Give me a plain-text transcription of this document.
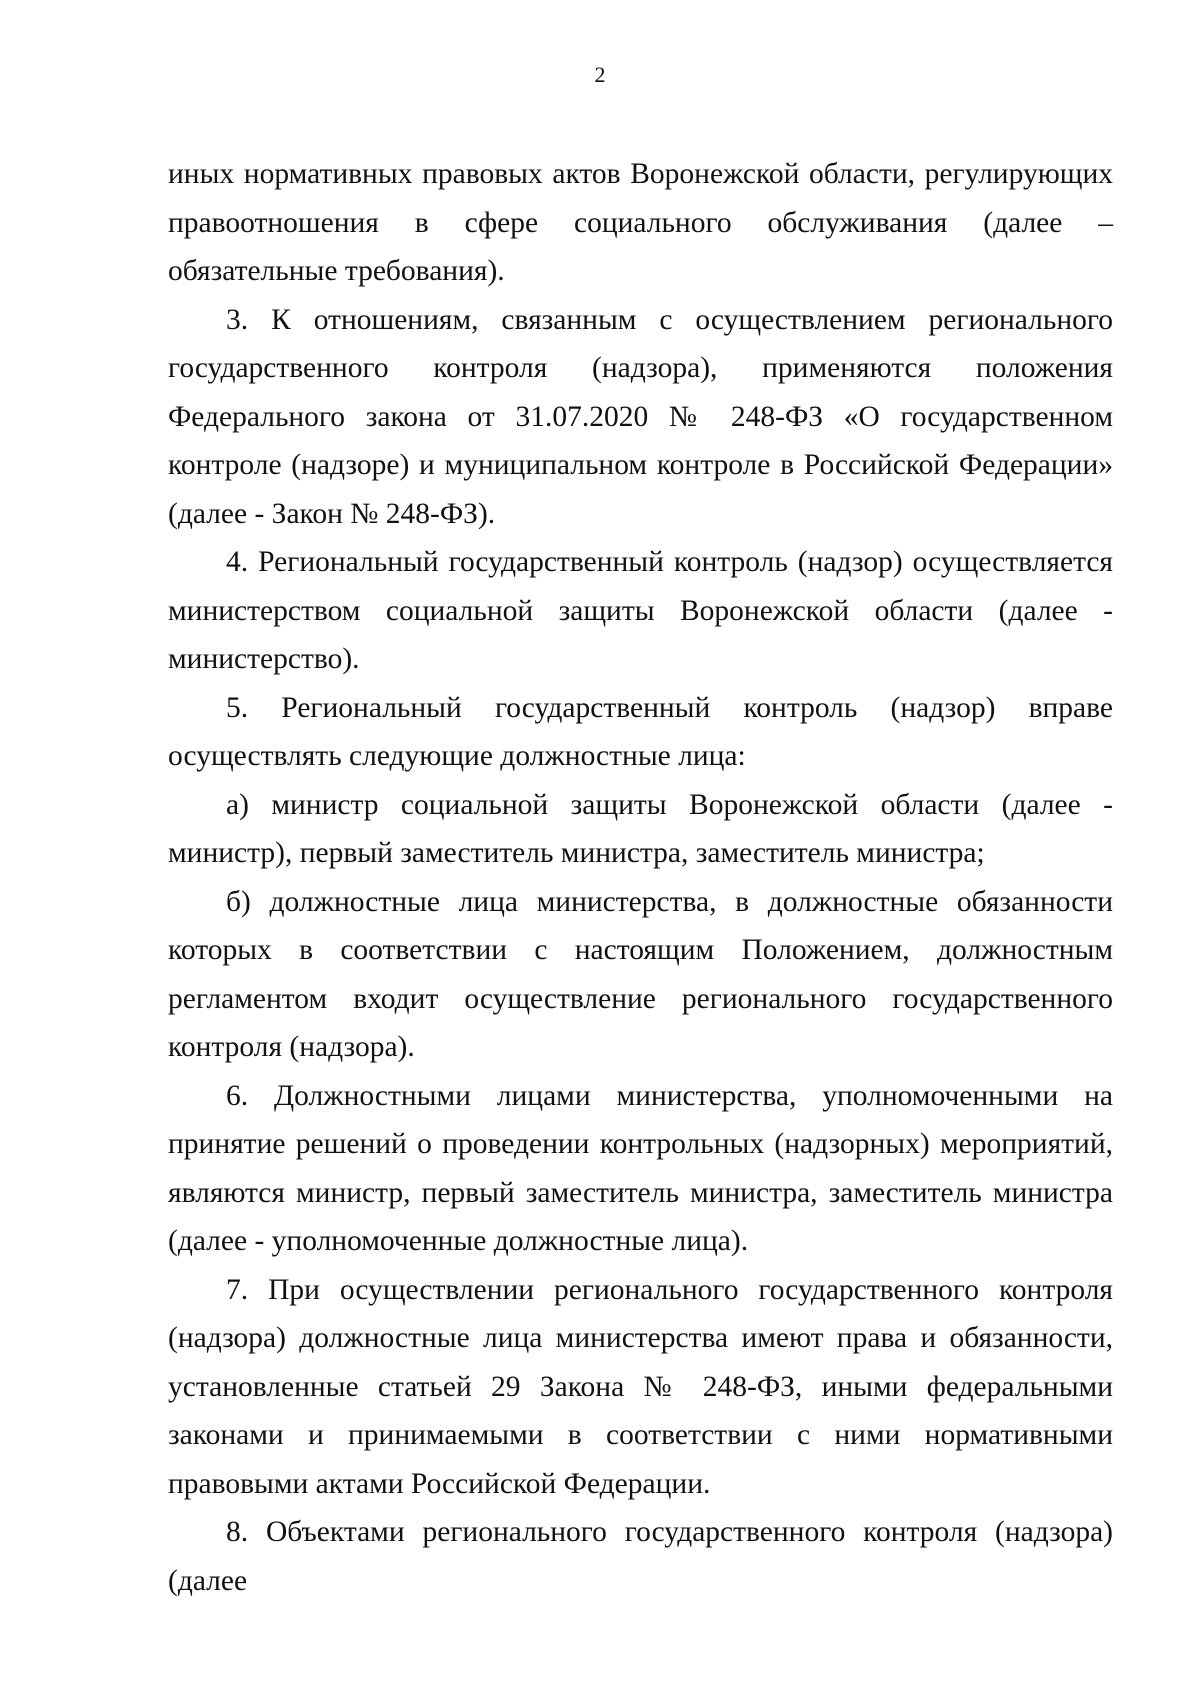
2

иных нормативных правовых актов Воронежской области, регулирующих правоотношения в сфере социального обслуживания (далее – обязательные требования).

3. К отношениям, связанным с осуществлением регионального государственного контроля (надзора), применяются положения Федерального закона от 31.07.2020 № 248-ФЗ «О государственном контроле (надзоре) и муниципальном контроле в Российской Федерации» (далее - Закон № 248-ФЗ).

4. Региональный государственный контроль (надзор) осуществляется министерством социальной защиты Воронежской области (далее - министерство).

5. Региональный государственный контроль (надзор) вправе осуществлять следующие должностные лица:

а) министр социальной защиты Воронежской области (далее - министр), первый заместитель министра, заместитель министра;

б) должностные лица министерства, в должностные обязанности которых в соответствии с настоящим Положением, должностным регламентом входит осуществление регионального государственного контроля (надзора).

6. Должностными лицами министерства, уполномоченными на принятие решений о проведении контрольных (надзорных) мероприятий, являются министр, первый заместитель министра, заместитель министра (далее - уполномоченные должностные лица).

7. При осуществлении регионального государственного контроля (надзора) должностные лица министерства имеют права и обязанности, установленные статьей 29 Закона № 248-ФЗ, иными федеральными законами и принимаемыми в соответствии с ними нормативными правовыми актами Российской Федерации.

8. Объектами регионального государственного контроля (надзора) (далее
